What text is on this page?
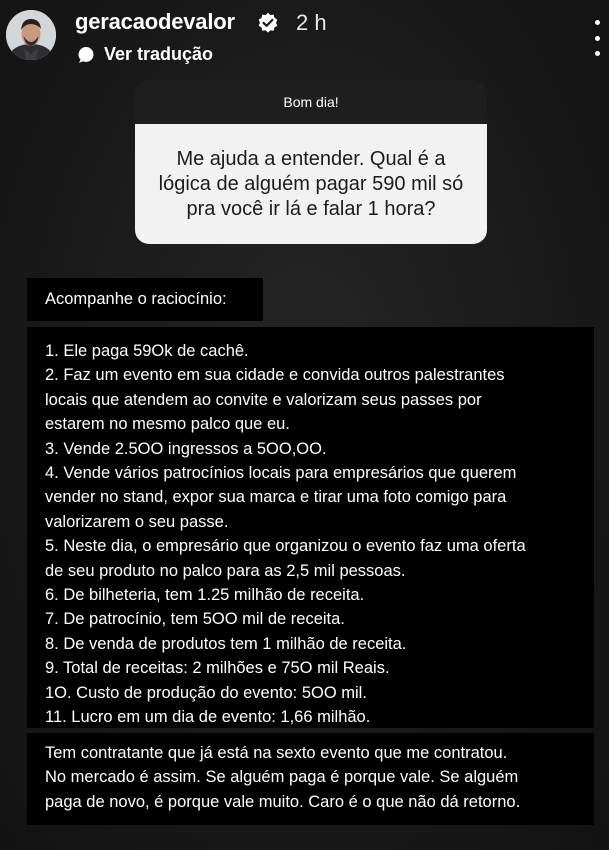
geracaodevalor	2 h
Ver tradução
Bom dia!
Me ajuda a entender. Qual é a
lógica de alguém pagar 590 mil só
pra você ir lá e falar 1 hora?
Acompanhe o raciocínio:
1. Ele paga 59Ok de cachê.
2. Faz um evento em sua cidade e convida outros palestrantes
locais que atendem ao convite e valorizam seus passes por
estarem no mesmo palco que eu.
3. Vende 2.5OO ingressos a 5OO,OO.
4. Vende vários patrocínios locais para empresários que querem
vender no stand, expor sua marca e tirar uma foto comigo para
valorizarem o seu passe.
5. Neste dia, o empresário que organizou o evento faz uma oferta
de seu produto no palco para as 2,5 mil pessoas.
6. De bilheteria, tem 1.25 milhão de receita.
7. De patrocínio, tem 5OO mil de receita.
8. De venda de produtos tem 1 milhão de receita.
9. Total de receitas: 2 milhões e 75O mil Reais.
1O. Custo de produção do evento: 5OO mil.
11. Lucro em um dia de evento: 1,66 milhão.
Tem contratante que já está na sexto evento que me contratou.
No mercado é assim. Se alguém paga é porque vale. Se alguém
paga de novo, é porque vale muito. Caro é o que não dá retorno.
